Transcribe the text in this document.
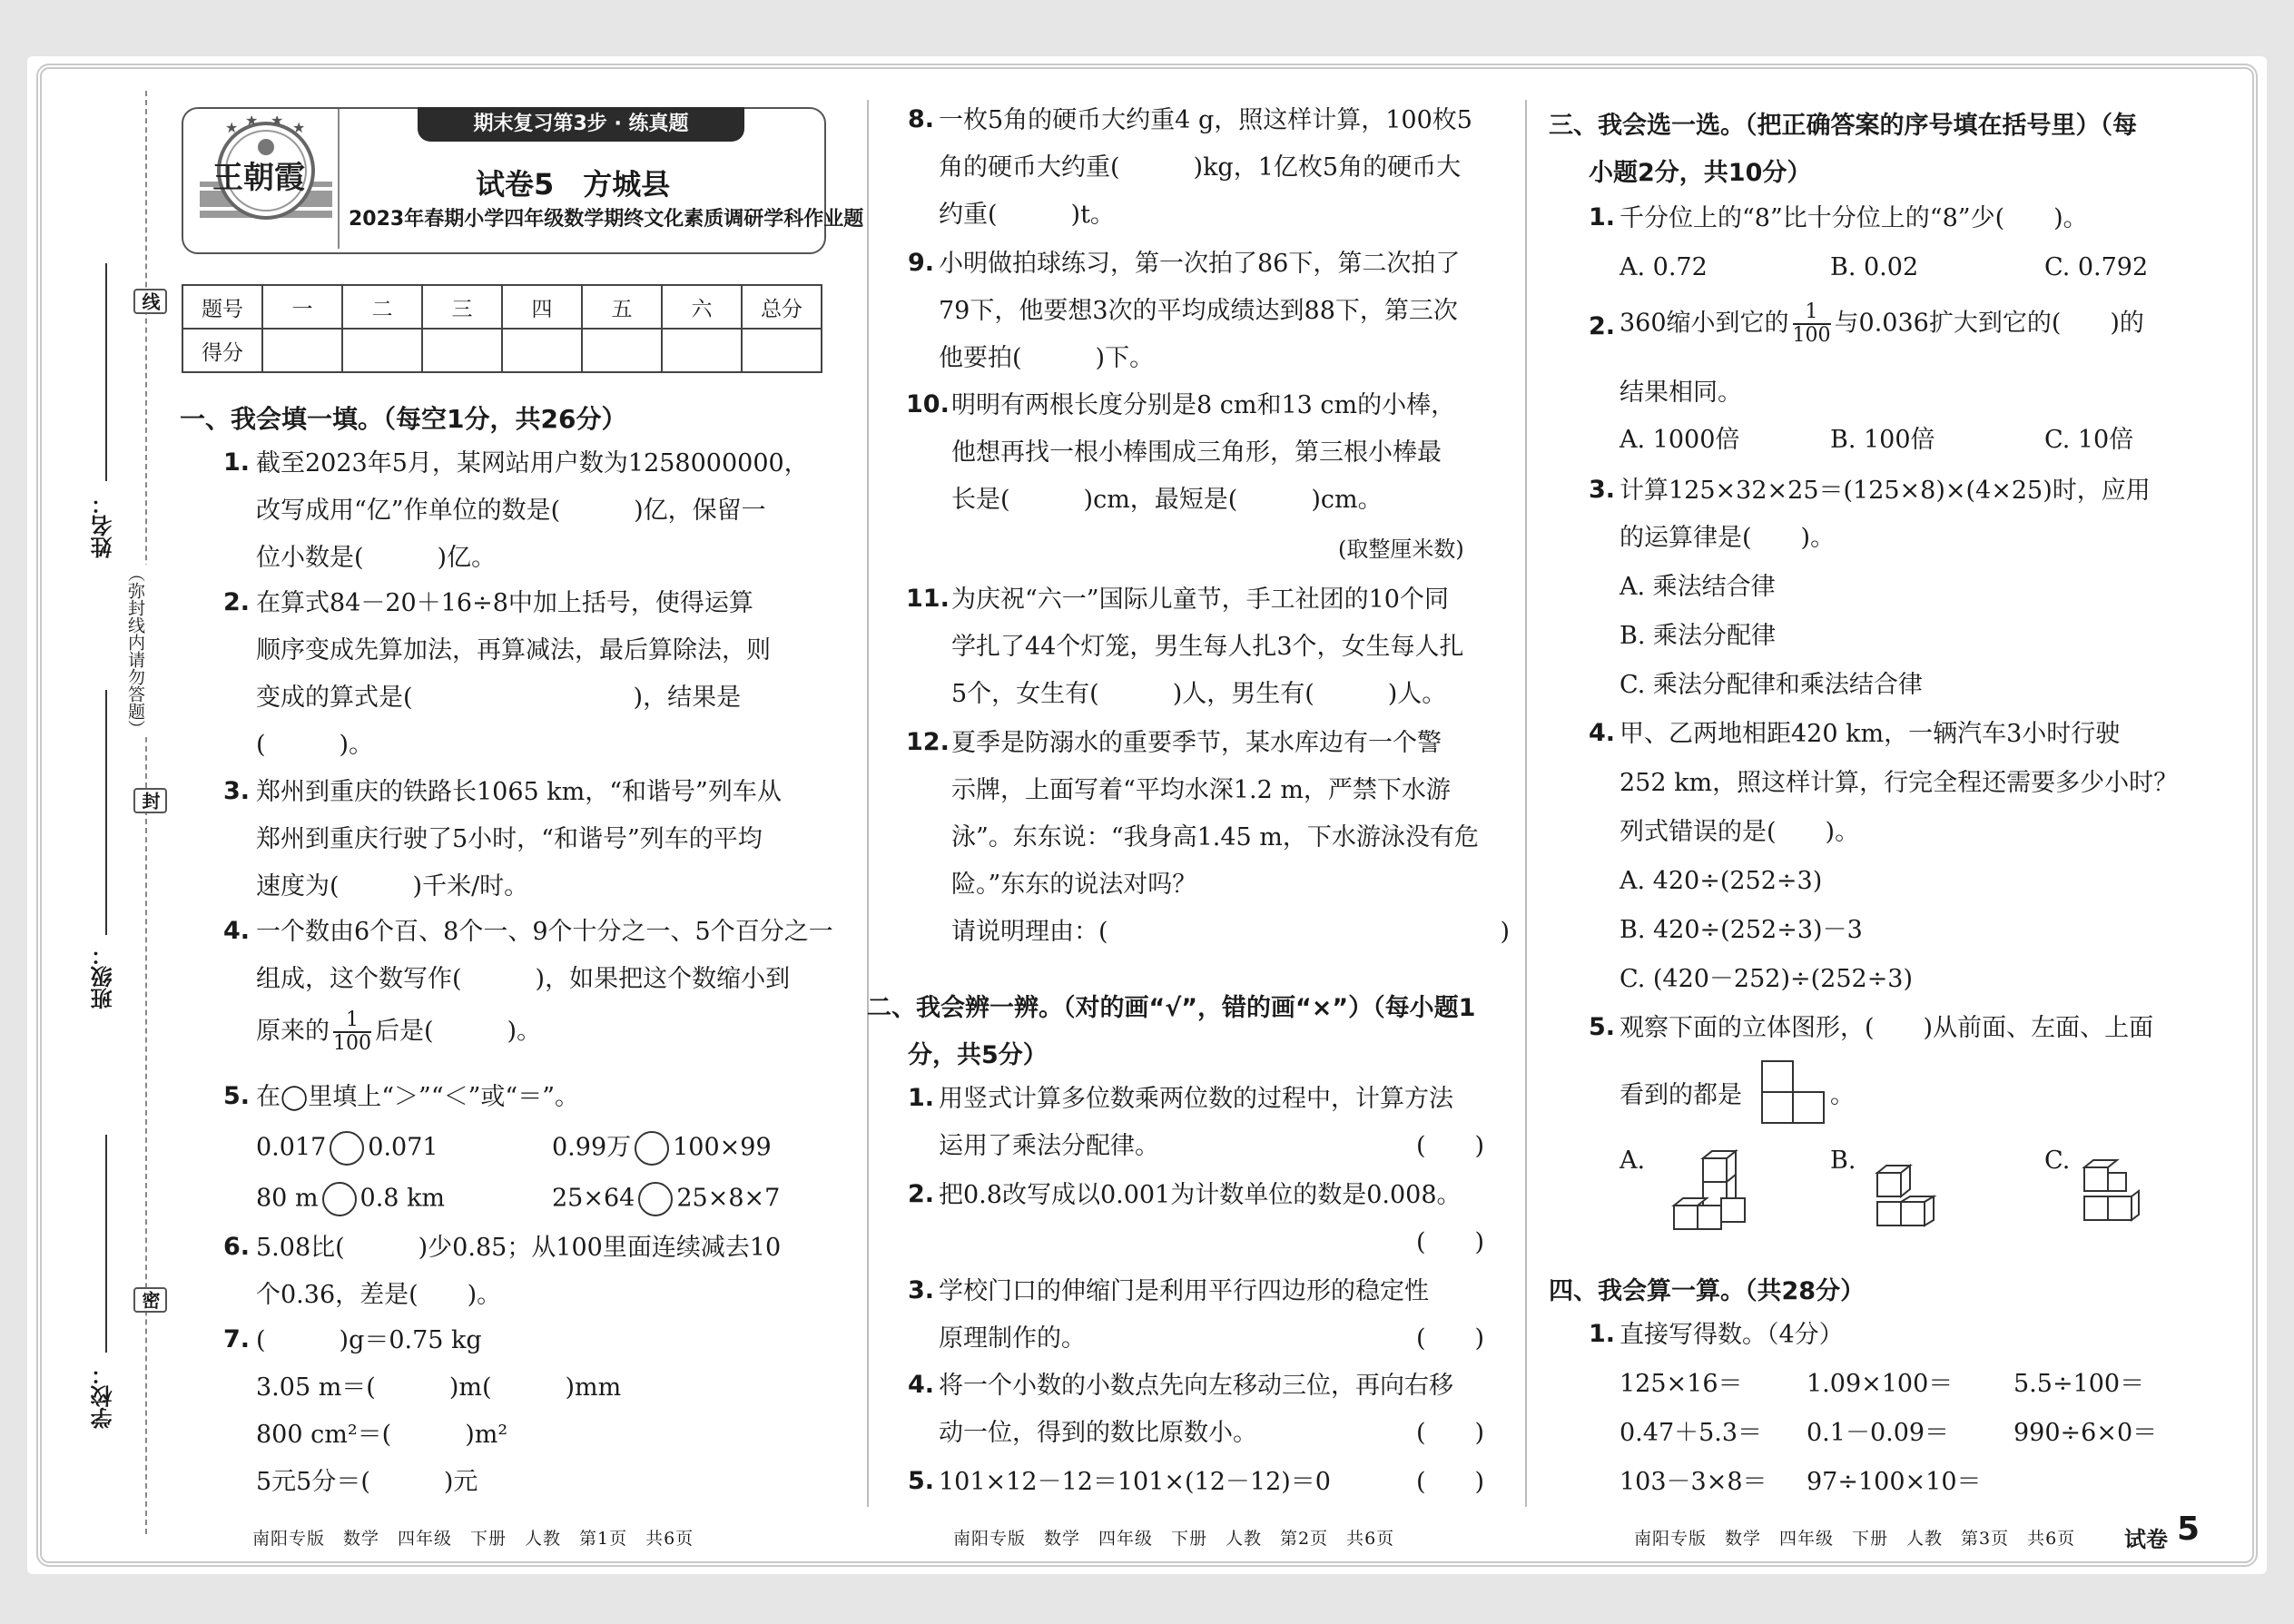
线
封
密
（弥封线内请勿答题）
姓名：
班级：
学校：
★ ★ ★ ★
王朝霞
期末复习第3步 · 练真题
试卷5　方城县
2023年春期小学四年级数学期终文化素质调研学科作业题
题号	一	二	三	四	五	六	总分
得分							
一、我会填一填。（每空1分，共26分）
1. 截至2023年5月，某网站用户数为1258000000，
改写成用“亿”作单位的数是(　　　)亿，保留一
位小数是(　　　)亿。
2. 在算式84－20＋16÷8中加上括号，使得运算
顺序变成先算加法，再算减法，最后算除法，则
变成的算式是(　　　　　　　　　)，结果是
(　　　)。
3. 郑州到重庆的铁路长1065 km，“和谐号”列车从
郑州到重庆行驶了5小时，“和谐号”列车的平均
速度为(　　　)千米/时。
4. 一个数由6个百、8个一、9个十分之一、5个百分之一
组成，这个数写作(　　　)，如果把这个数缩小到
原来的 $\frac{1}{100}$ 后是(　　　)。
5. 在◯里填上“＞”“＜”或“＝”。
0.017 0.071	0.99万 100×99
80 m 0.8 km	25×64 25×8×7
6. 5.08比(　　　)少0.85；从100里面连续减去10
个0.36，差是(　　)。
7. (　　　)g＝0.75 kg
3.05 m＝(　　　)m(　　　)mm
800 cm²＝(　　　)m²
5元5分＝(　　　)元
8. 一枚5角的硬币大约重4 g，照这样计算，100枚5
角的硬币大约重(　　　)kg，1亿枚5角的硬币大
约重(　　　)t。
9. 小明做拍球练习，第一次拍了86下，第二次拍了
79下，他要想3次的平均成绩达到88下，第三次
他要拍(　　　)下。
10. 明明有两根长度分别是8 cm和13 cm的小棒，
他想再找一根小棒围成三角形，第三根小棒最
长是(　　　)cm，最短是(　　　)cm。
(取整厘米数)
11. 为庆祝“六一”国际儿童节，手工社团的10个同
学扎了44个灯笼，男生每人扎3个，女生每人扎
5个，女生有(　　　)人，男生有(　　　)人。
12. 夏季是防溺水的重要季节，某水库边有一个警
示牌，上面写着“平均水深1.2 m，严禁下水游
泳”。东东说：“我身高1.45 m，下水游泳没有危
险。”东东的说法对吗？
请说明理由：(　　　　　　　　　　　　　　　　)
二、我会辨一辨。（对的画“√”，错的画“×”）（每小题1
分，共5分）
1. 用竖式计算多位数乘两位数的过程中，计算方法
运用了乘法分配律。	(　　)
2. 把0.8改写成以0.001为计数单位的数是0.008。
(　　)
3. 学校门口的伸缩门是利用平行四边形的稳定性
原理制作的。	(　　)
4. 将一个小数的小数点先向左移动三位，再向右移
动一位，得到的数比原数小。	(　　)
5. 101×12－12＝101×(12－12)＝0	(　　)
三、我会选一选。（把正确答案的序号填在括号里）（每
小题2分，共10分）
1. 千分位上的“8”比十分位上的“8”少(　　)。
A. 0.72	B. 0.02	C. 0.792
2. 360缩小到它的 $\frac{1}{100}$ 与0.036扩大到它的(　　)的
结果相同。
A. 1000倍	B. 100倍	C. 10倍
3. 计算125×32×25＝(125×8)×(4×25)时，应用
的运算律是(　　)。
A. 乘法结合律
B. 乘法分配律
C. 乘法分配律和乘法结合律
4. 甲、乙两地相距420 km，一辆汽车3小时行驶
252 km，照这样计算，行完全程还需要多少小时？
列式错误的是(　　)。
A. 420÷(252÷3)
B. 420÷(252÷3)－3
C. (420－252)÷(252÷3)
5. 观察下面的立体图形，(　　)从前面、左面、上面
看到的都是	。
A.	B.	C.
四、我会算一算。（共28分）
1. 直接写得数。（4分）
125×16＝	1.09×100＝ 5.5÷100＝
0.47＋5.3＝ 0.1－0.09＝	990÷6×0＝
103－3×8＝ 97÷100×10＝
南阳专版　数学　四年级　下册　人教　第1页　共6页	南阳专版　数学　四年级　下册　人教　第2页　共6页	南阳专版　数学　四年级　下册　人教　第3页　共6页 试卷 5
